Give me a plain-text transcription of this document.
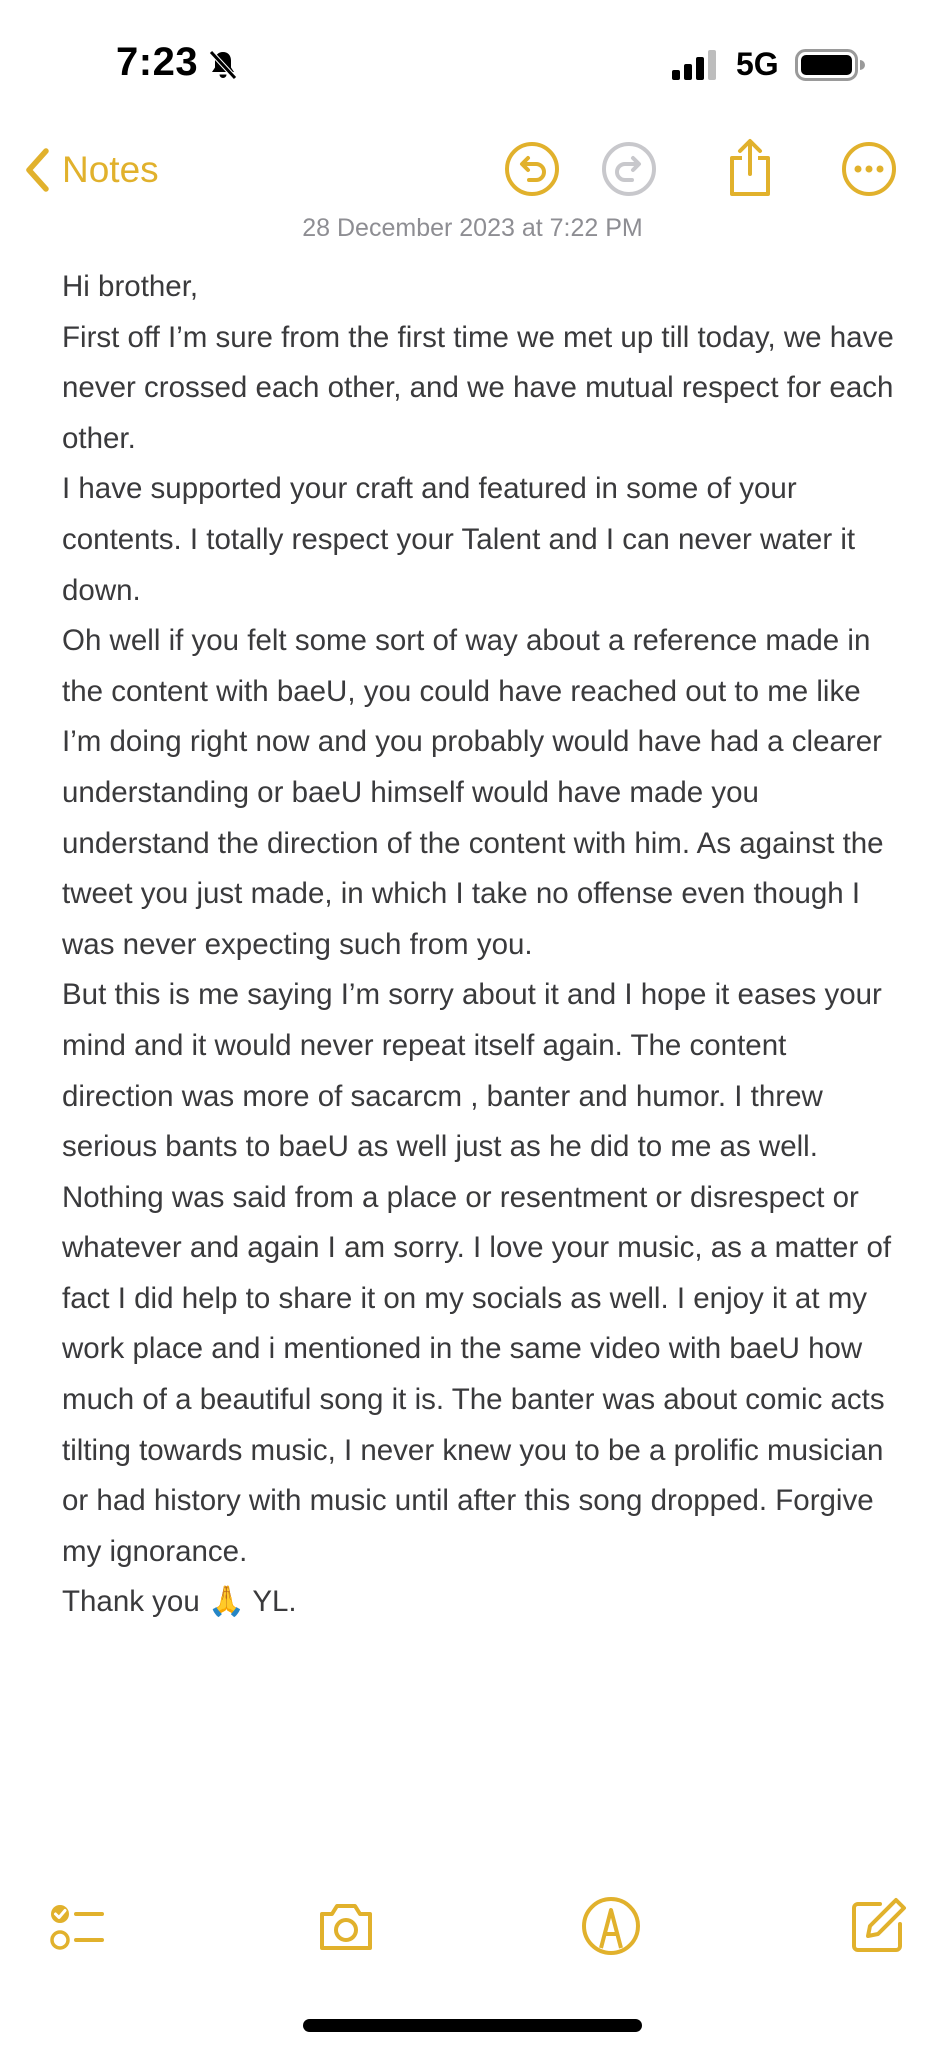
7:23	5G
Notes
28 December 2023 at 7:22 PM

Hi brother,

First off I’m sure from the first time we met up till today, we have never crossed each other, and we have mutual respect for each other.

I have supported your craft and featured in some of your contents. I totally respect your Talent and I can never water it down.

Oh well if you felt some sort of way about a reference made in the content with baeU, you could have reached out to me like I’m doing right now and you probably would have had a clearer understanding or baeU himself would have made you understand the direction of the content with him. As against the tweet you just made, in which I take no offense even though I was never expecting such from you.

But this is me saying I’m sorry about it and I hope it eases your mind and it would never repeat itself again. The content direction was more of sacarcm , banter and humor. I threw serious bants to baeU as well just as he did to me as well. Nothing was said from a place or resentment or disrespect or whatever and again I am sorry. I love your music, as a matter of fact I did help to share it on my socials as well. I enjoy it at my work place and i mentioned in the same video with baeU how much of a beautiful song it is. The banter was about comic acts tilting towards music, I never knew you to be a prolific musician or had history with music until after this song dropped. Forgive my ignorance.

Thank you 🙏 YL.
